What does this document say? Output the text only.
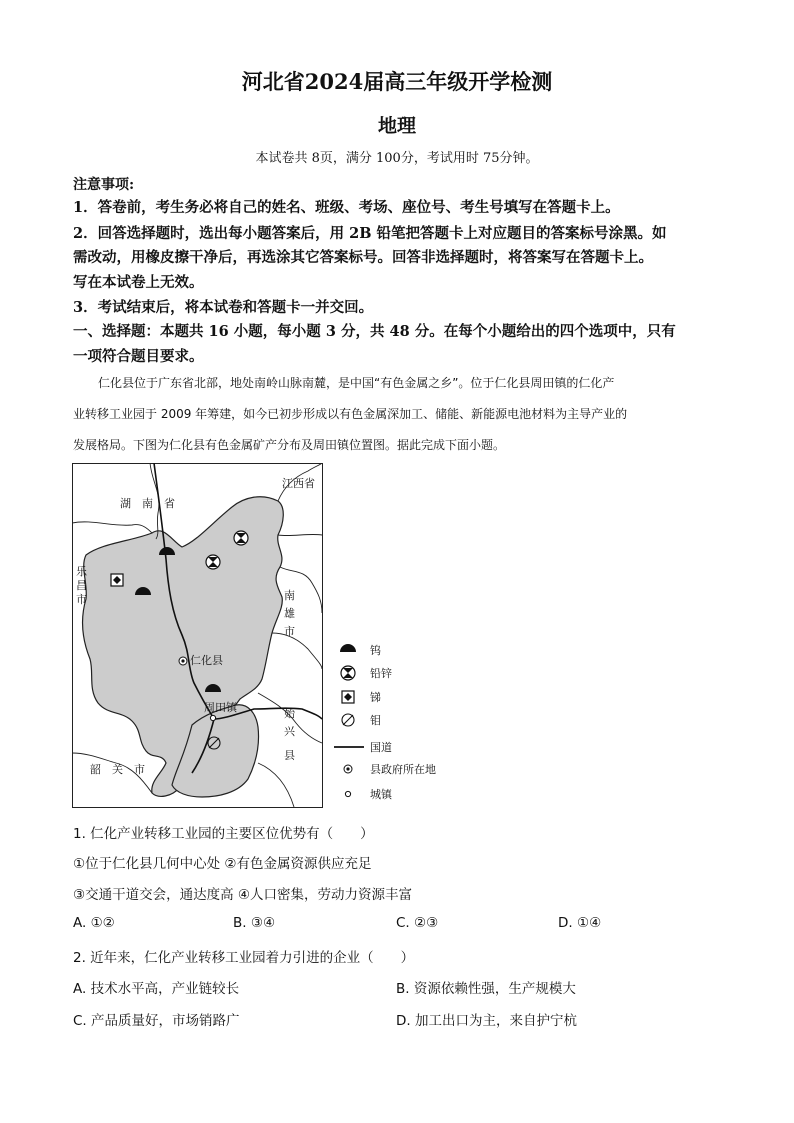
河北省2024届高三年级开学检测
地理
本试卷共 8页，满分 100分，考试用时 75分钟。
注意事项:
1．答卷前，考生务必将自己的姓名、班级、考场、座位号、考生号填写在答题卡上。
2．回答选择题时，选出每小题答案后，用 2B 铅笔把答题卡上对应题目的答案标号涂黑。如
需改动，用橡皮擦干净后，再选涂其它答案标号。回答非选择题时，将答案写在答题卡上。
写在本试卷上无效。
3．考试结束后，将本试卷和答题卡一并交回。
一、选择题：本题共 16 小题，每小题 3 分，共 48 分。在每个小题给出的四个选项中，只有
一项符合题目要求。
仁化县位于广东省北部，地处南岭山脉南麓，是中国“有色金属之乡”。位于仁化县周田镇的仁化产
业转移工业园于 2009 年筹建，如今已初步形成以有色金属深加工、储能、新能源电池材料为主导产业的
发展格局。下图为仁化县有色金属矿产分布及周田镇位置图。据此完成下面小题。
湖　南　省
江西省
乐
昌
市	南
雄
市
始
兴
县
韶　关　市
仁化县
周田镇
钨
铅锌
锑
钼
国道
县政府所在地
城镇
1. 仁化产业转移工业园的主要区位优势有（　　）
①位于仁化县几何中心处 ②有色金属资源供应充足
③交通干道交会，通达度高 ④人口密集，劳动力资源丰富
A. ①②	B. ③④	C. ②③	D. ①④
2. 近年来，仁化产业转移工业园着力引进的企业（　　）
A. 技术水平高，产业链较长	B. 资源依赖性强，生产规模大
C. 产品质量好，市场销路广	D. 加工出口为主，来自护宁杭
